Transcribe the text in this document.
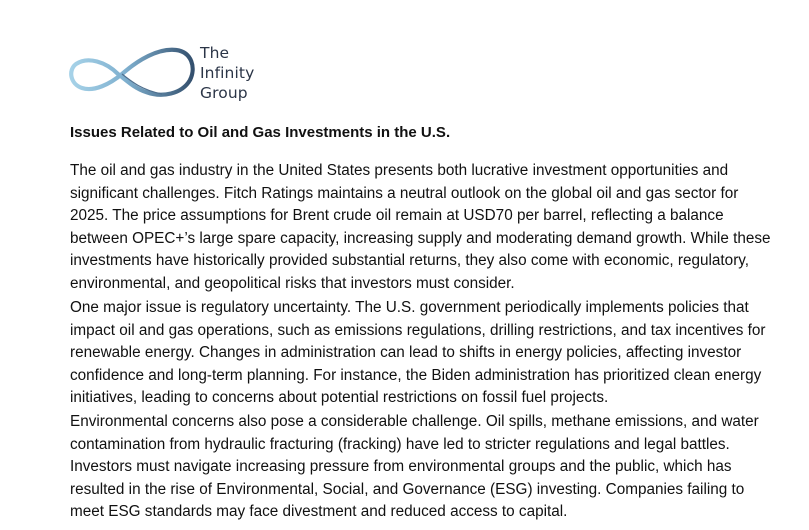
The
Infinity
Group
Issues Related to Oil and Gas Investments in the U.S.
The oil and gas industry in the United States presents both lucrative investment opportunities and
significant challenges. Fitch Ratings maintains a neutral outlook on the global oil and gas sector for
2025. The price assumptions for Brent crude oil remain at USD70 per barrel, reflecting a balance
between OPEC+’s large spare capacity, increasing supply and moderating demand growth. While these
investments have historically provided substantial returns, they also come with economic, regulatory,
environmental, and geopolitical risks that investors must consider.
One major issue is regulatory uncertainty. The U.S. government periodically implements policies that
impact oil and gas operations, such as emissions regulations, drilling restrictions, and tax incentives for
renewable energy. Changes in administration can lead to shifts in energy policies, affecting investor
confidence and long-term planning. For instance, the Biden administration has prioritized clean energy
initiatives, leading to concerns about potential restrictions on fossil fuel projects.
Environmental concerns also pose a considerable challenge. Oil spills, methane emissions, and water
contamination from hydraulic fracturing (fracking) have led to stricter regulations and legal battles.
Investors must navigate increasing pressure from environmental groups and the public, which has
resulted in the rise of Environmental, Social, and Governance (ESG) investing. Companies failing to
meet ESG standards may face divestment and reduced access to capital.
